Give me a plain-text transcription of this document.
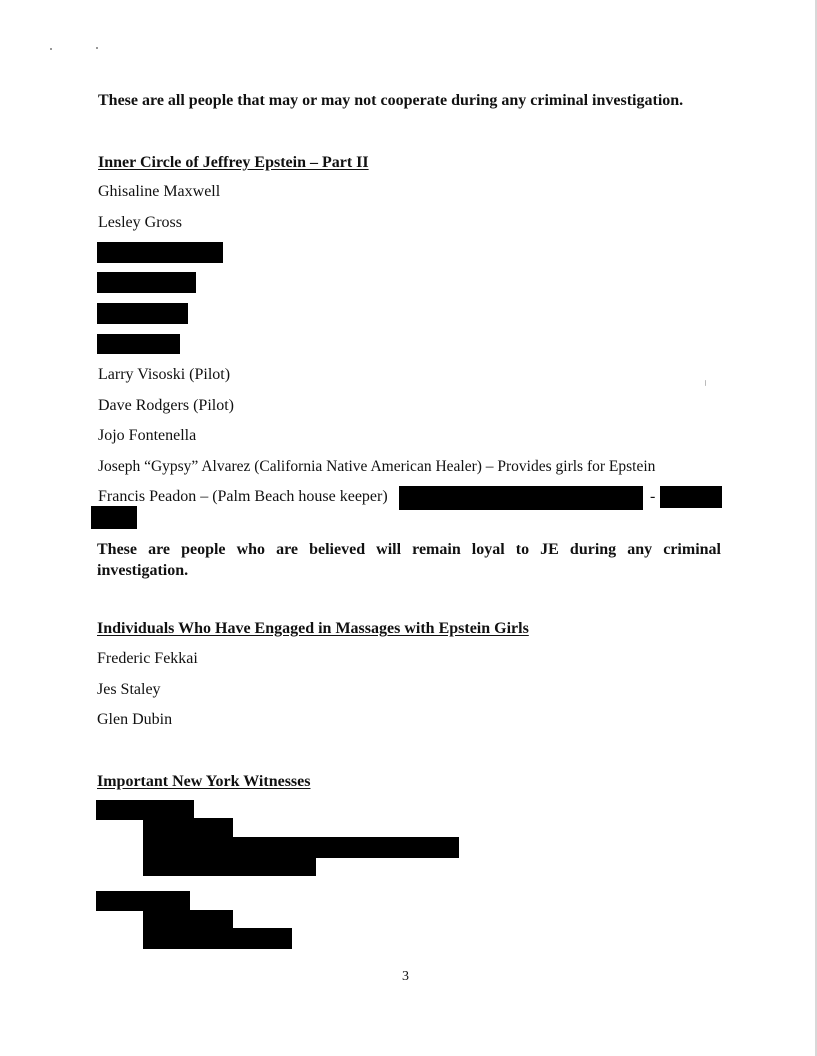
These are all people that may or may not cooperate during any criminal investigation.
Inner Circle of Jeffrey Epstein – Part II
Ghisaline Maxwell
Lesley Gross
Larry Visoski (Pilot)
Dave Rodgers (Pilot)
Jojo Fontenella
Joseph “Gypsy” Alvarez (California Native American Healer) – Provides girls for Epstein
Francis Peadon – (Palm Beach house keeper)	-
These are people who are believed will remain loyal to JE during any criminal investigation.
Individuals Who Have Engaged in Massages with Epstein Girls
Frederic Fekkai
Jes Staley
Glen Dubin
Important New York Witnesses
3
